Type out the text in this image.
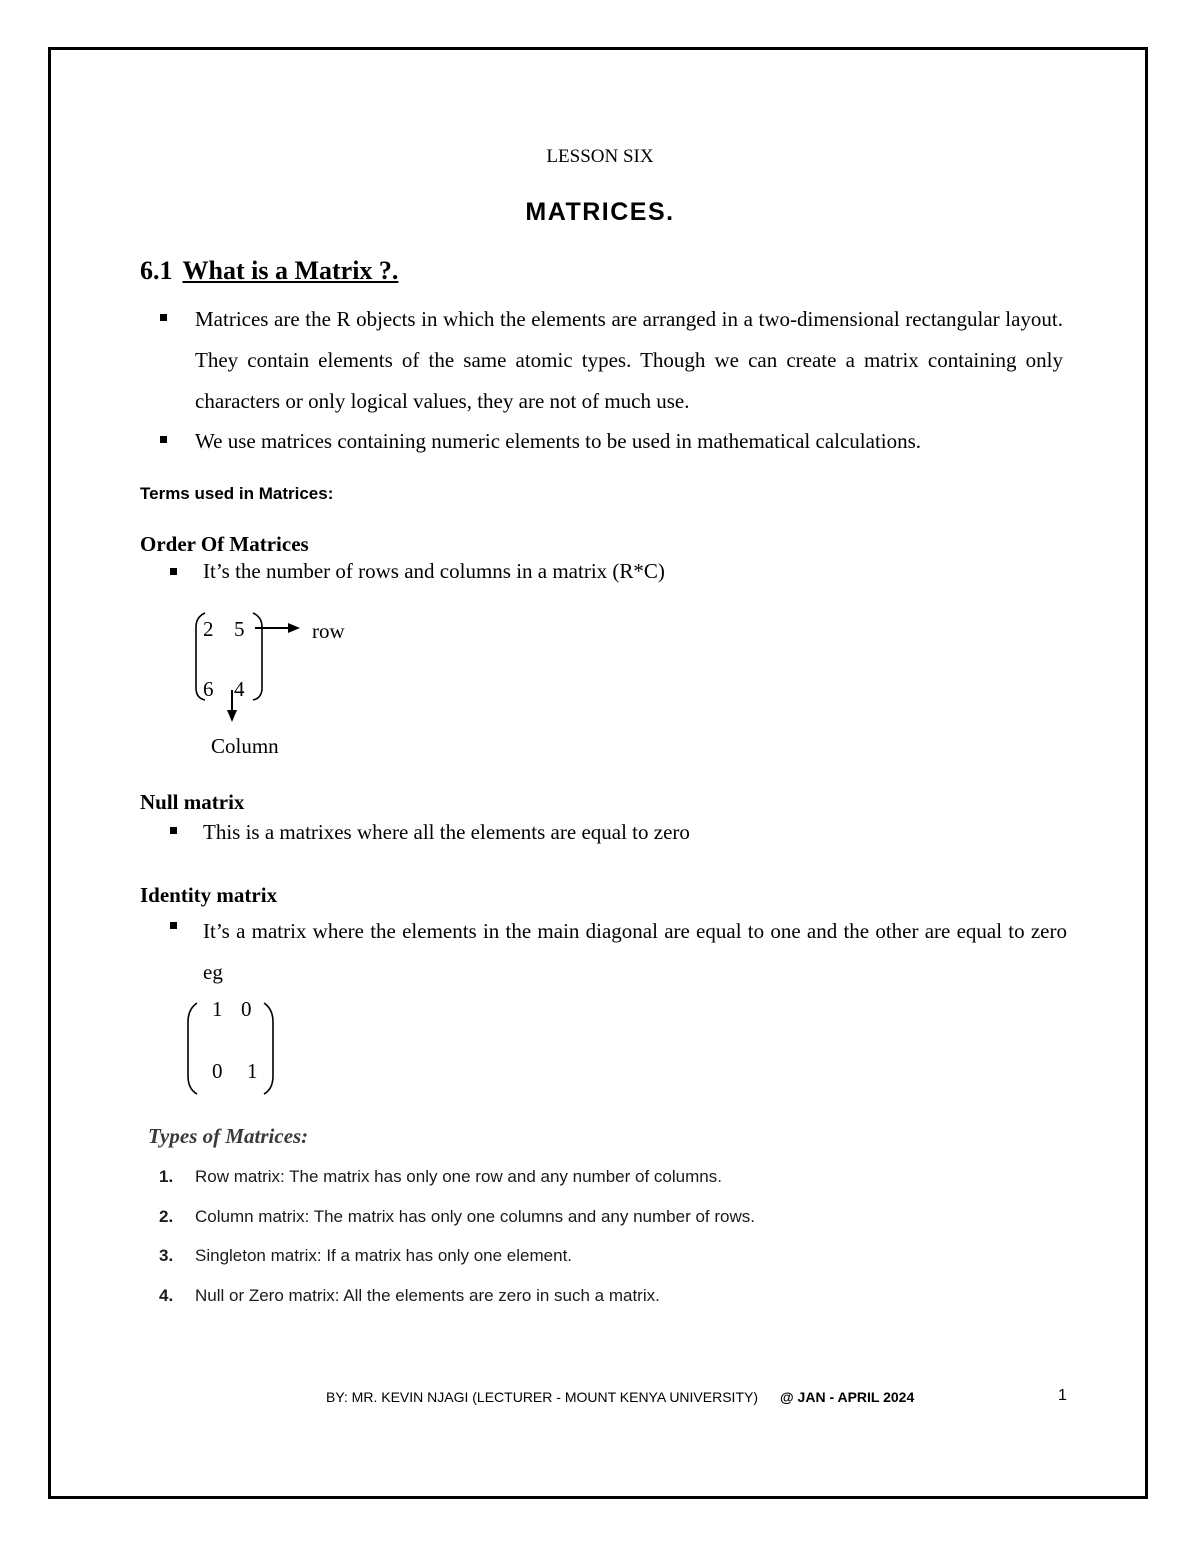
LESSON SIX
MATRICES.
6.1 What is a Matrix ?.
Matrices are the R objects in which the elements are arranged in a two-dimensional rectangular layout. They contain elements of the same atomic types. Though we can create a matrix containing only characters or only logical values, they are not of much use.
We use matrices containing numeric elements to be used in mathematical calculations.
Terms used in Matrices:
Order Of Matrices
It’s the number of rows and columns in a matrix (R*C)
2 5
6 4
row
Column
Null matrix
This is a matrixes where all the elements are equal to zero
Identity matrix
It’s a matrix where the elements in the main diagonal are equal to one and the other are equal to zero eg
1 0
0 1
Types of Matrices:
1. Row matrix: The matrix has only one row and any number of columns.
2. Column matrix: The matrix has only one columns and any number of rows.
3. Singleton matrix: If a matrix has only one element.
4. Null or Zero matrix: All the elements are zero in such a matrix.
BY: MR. KEVIN NJAGI (LECTURER - MOUNT KENYA UNIVERSITY) @ JAN - APRIL 2024	1
